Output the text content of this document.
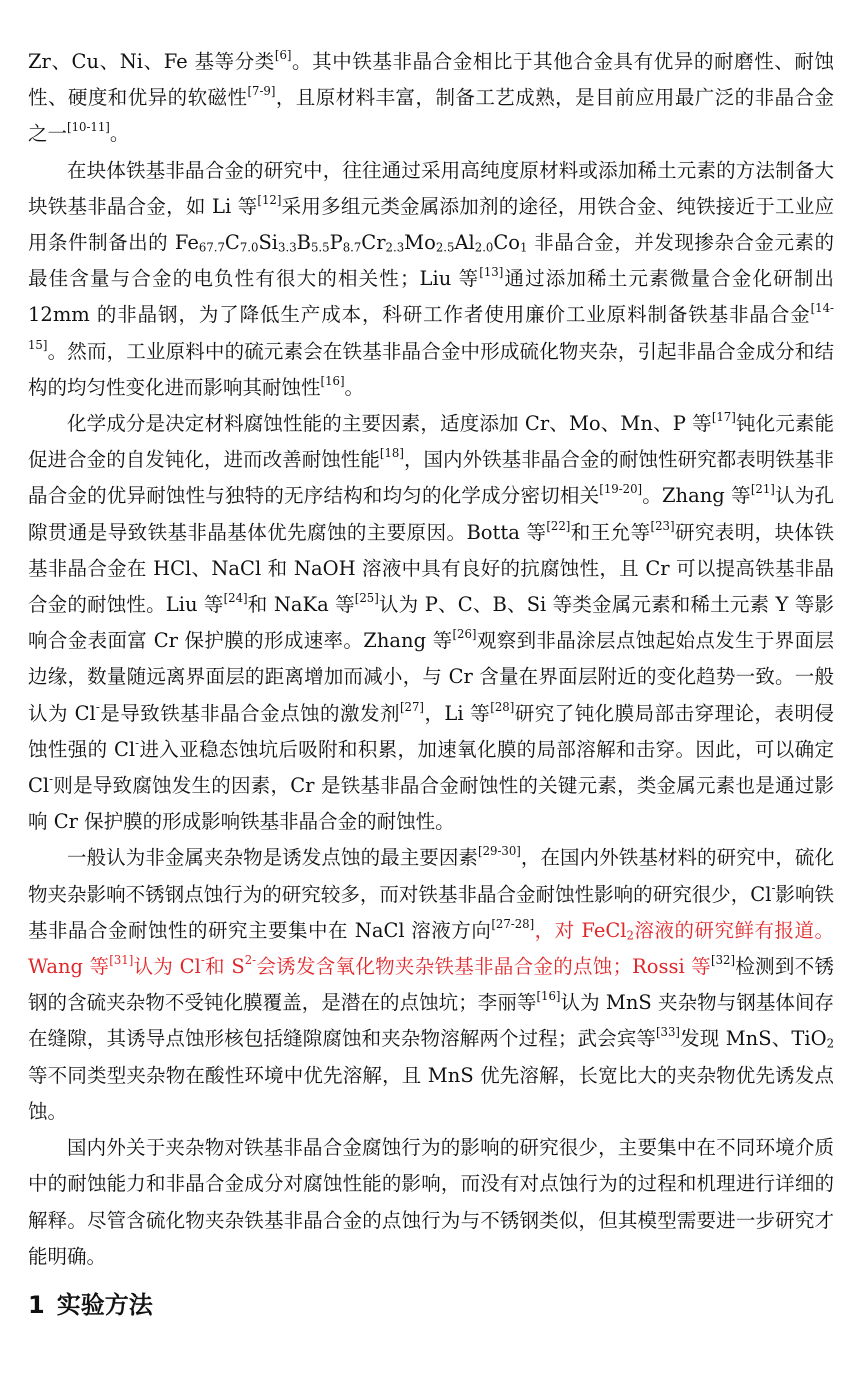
Zr、Cu、Ni、Fe 基等分类[6]。其中铁基非晶合金相比于其他合金具有优异的耐磨性、耐蚀性、硬度和优异的软磁性[7-9]，且原材料丰富，制备工艺成熟，是目前应用最广泛的非晶合金之一[10-11]。

在块体铁基非晶合金的研究中，往往通过采用高纯度原材料或添加稀土元素的方法制备大块铁基非晶合金，如 Li 等[12]采用多组元类金属添加剂的途径，用铁合金、纯铁接近于工业应用条件制备出的 $Fe_{67.7}C_{7.0}Si_{3.3}B_{5.5}P_{8.7}Cr_{2.3}Mo_{2.5}Al_{2.0}Co_1$ 非晶合金，并发现掺杂合金元素的最佳含量与合金的电负性有很大的相关性；Liu 等[13]通过添加稀土元素微量合金化研制出 12mm 的非晶钢，为了降低生产成本，科研工作者使用廉价工业原料制备铁基非晶合金[14-15]。然而，工业原料中的硫元素会在铁基非晶合金中形成硫化物夹杂，引起非晶合金成分和结构的均匀性变化进而影响其耐蚀性[16]。

化学成分是决定材料腐蚀性能的主要因素，适度添加 Cr、Mo、Mn、P 等[17]钝化元素能促进合金的自发钝化，进而改善耐蚀性能[18]，国内外铁基非晶合金的耐蚀性研究都表明铁基非晶合金的优异耐蚀性与独特的无序结构和均匀的化学成分密切相关[19-20]。Zhang 等[21]认为孔隙贯通是导致铁基非晶基体优先腐蚀的主要原因。Botta 等[22]和王允等[23]研究表明，块体铁基非晶合金在 HCl、NaCl 和 NaOH 溶液中具有良好的抗腐蚀性，且 Cr 可以提高铁基非晶合金的耐蚀性。Liu 等[24]和 NaKa 等[25]认为 P、C、B、Si 等类金属元素和稀土元素 Y 等影响合金表面富 Cr 保护膜的形成速率。Zhang 等[26]观察到非晶涂层点蚀起始点发生于界面层边缘，数量随远离界面层的距离增加而减小，与 Cr 含量在界面层附近的变化趋势一致。一般认为 Cl-是导致铁基非晶合金点蚀的激发剂[27]，Li 等[28]研究了钝化膜局部击穿理论，表明侵蚀性强的 Cl-进入亚稳态蚀坑后吸附和积累，加速氧化膜的局部溶解和击穿。因此，可以确定 Cl-则是导致腐蚀发生的因素，Cr 是铁基非晶合金耐蚀性的关键元素，类金属元素也是通过影响 Cr 保护膜的形成影响铁基非晶合金的耐蚀性。

一般认为非金属夹杂物是诱发点蚀的最主要因素[29-30]，在国内外铁基材料的研究中，硫化物夹杂影响不锈钢点蚀行为的研究较多，而对铁基非晶合金耐蚀性影响的研究很少，Cl-影响铁基非晶合金耐蚀性的研究主要集中在 NaCl 溶液方向[27-28]，对 FeCl$_2$溶液的研究鲜有报道。Wang 等[31]认为 Cl-和 $S^{2-}$会诱发含氧化物夹杂铁基非晶合金的点蚀；Rossi 等[32]检测到不锈钢的含硫夹杂物不受钝化膜覆盖，是潜在的点蚀坑；李丽等[16]认为 MnS 夹杂物与钢基体间存在缝隙，其诱导点蚀形核包括缝隙腐蚀和夹杂物溶解两个过程；武会宾等[33]发现 MnS、TiO$_2$等不同类型夹杂物在酸性环境中优先溶解，且 MnS 优先溶解，长宽比大的夹杂物优先诱发点蚀。

国内外关于夹杂物对铁基非晶合金腐蚀行为的影响的研究很少，主要集中在不同环境介质中的耐蚀能力和非晶合金成分对腐蚀性能的影响，而没有对点蚀行为的过程和机理进行详细的解释。尽管含硫化物夹杂铁基非晶合金的点蚀行为与不锈钢类似，但其模型需要进一步研究才能明确。

1 实验方法
